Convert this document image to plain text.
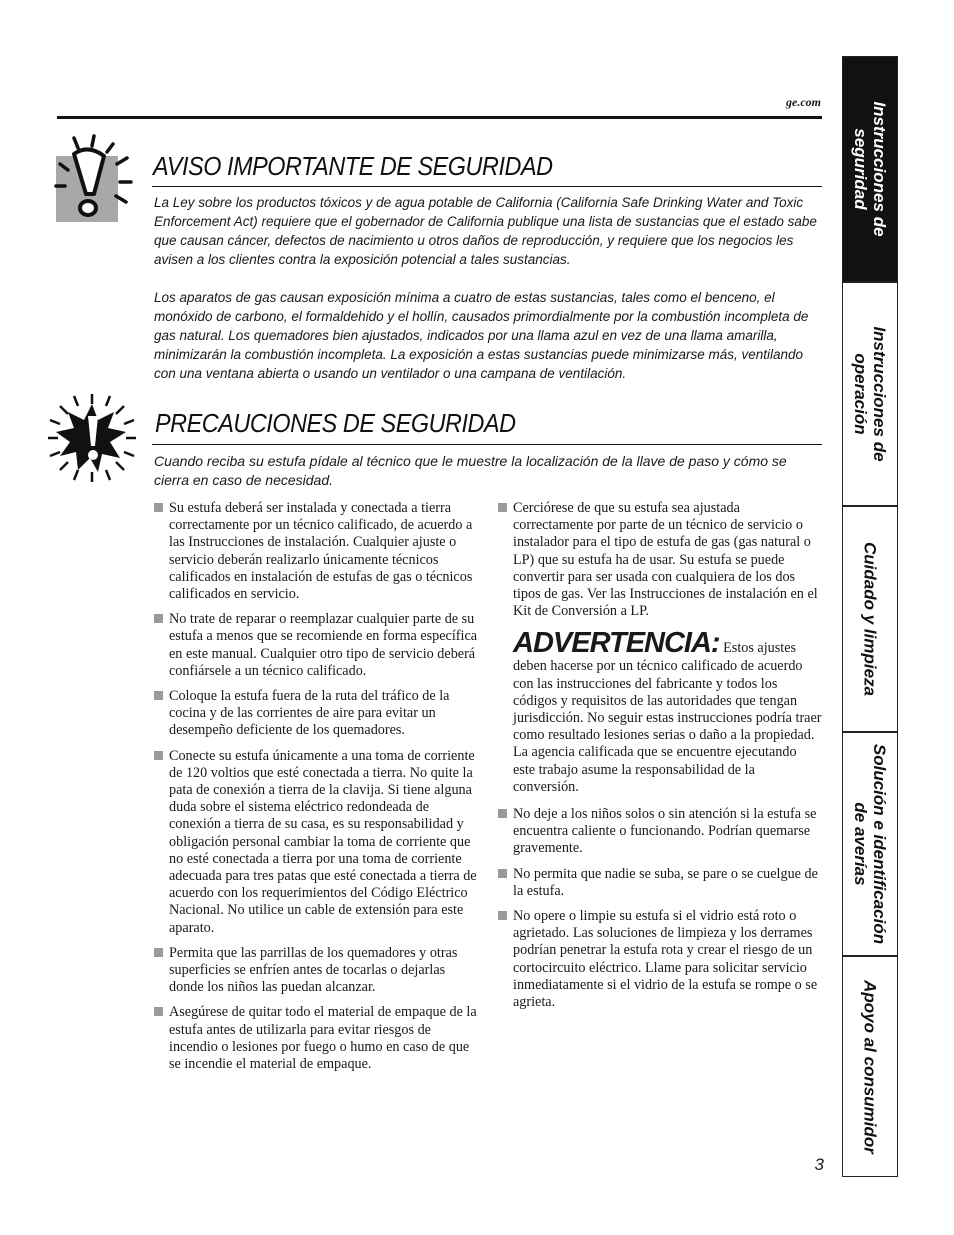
ge.com
AVISO IMPORTANTE DE SEGURIDAD

La Ley sobre los productos tóxicos y de agua potable de California (California Safe Drinking Water and Toxic Enforcement Act) requiere que el gobernador de California publique una lista de sustancias que el estado sabe que causan cáncer, defectos de nacimiento u otros daños de reproducción, y requiere que los negocios les avisen a los clientes contra la exposición potencial a tales sustancias.

Los aparatos de gas causan exposición mínima a cuatro de estas sustancias, tales como el benceno, el monóxido de carbono, el formaldehido y el hollín, causados primordialmente por la combustión incompleta de gas natural. Los quemadores bien ajustados, indicados por una llama azul en vez de una llama amarilla, minimizarán la combustión incompleta. La exposición a estas sustancias puede minimizarse más, ventilando con una ventana abierta o usando un ventilador o una campana de ventilación.

PRECAUCIONES DE SEGURIDAD
Cuando reciba su estufa pídale al técnico que le muestre la localización de la llave de paso y cómo se cierra en caso de necesidad.
Su estufa deberá ser instalada y conectada a tierra correctamente por un técnico calificado, de acuerdo a las Instrucciones de instalación. Cualquier ajuste o servicio deberán realizarlo únicamente técnicos calificados en instalación de estufas de gas o técnicos calificados en servicio.
No trate de reparar o reemplazar cualquier parte de su estufa a menos que se recomiende en forma específica en este manual. Cualquier otro tipo de servicio deberá confiársele a un técnico calificado.
Coloque la estufa fuera de la ruta del tráfico de la cocina y de las corrientes de aire para evitar un desempeño deficiente de los quemadores.
Conecte su estufa únicamente a una toma de corriente de 120 voltios que esté conectada a tierra. No quite la pata de conexión a tierra de la clavija. Si tiene alguna duda sobre el sistema eléctrico redondeada de conexión a tierra de su casa, es su responsabilidad y obligación personal cambiar la toma de corriente que no esté conectada a tierra por una toma de corriente adecuada para tres patas que esté conectada a tierra de acuerdo con los requerimientos del Código Eléctrico Nacional. No utilice un cable de extensión para este aparato.
Permita que las parrillas de los quemadores y otras superficies se enfríen antes de tocarlas o dejarlas donde los niños las puedan alcanzar.
Asegúrese de quitar todo el material de empaque de la estufa antes de utilizarla para evitar riesgos de incendio o lesiones por fuego o humo en caso de que se incendie el material de empaque.
Cerciórese de que su estufa sea ajustada correctamente por parte de un técnico de servicio o instalador para el tipo de estufa de gas (gas natural o LP) que su estufa ha de usar. Su estufa se puede convertir para ser usada con cualquiera de los dos tipos de gas. Ver las Instrucciones de instalación en el Kit de Conversión a LP.
ADVERTENCIA: Estos ajustes deben hacerse por un técnico calificado de acuerdo con las instrucciones del fabricante y todos los códigos y requisitos de las autoridades que tengan jurisdicción. No seguir estas instrucciones podría traer como resultado lesiones serias o daño a la propiedad. La agencia calificada que se encuentre ejecutando este trabajo asume la responsabilidad de la conversión.
No deje a los niños solos o sin atención si la estufa se encuentra caliente o funcionando. Podrían quemarse gravemente.
No permita que nadie se suba, se pare o se cuelgue de la estufa.
No opere o limpie su estufa si el vidrio está roto o agrietado. Las soluciones de limpieza y los derrames podrían penetrar la estufa rota y crear el riesgo de un cortocircuito eléctrico. Llame para solicitar servicio inmediatamente si el vidrio de la estufa se rompe o se agrieta.
Instrucciones de seguridad
Instrucciones de operación
Cuidado y limpieza
Solución e identificación de averías
Apoyo al consumidor
3
